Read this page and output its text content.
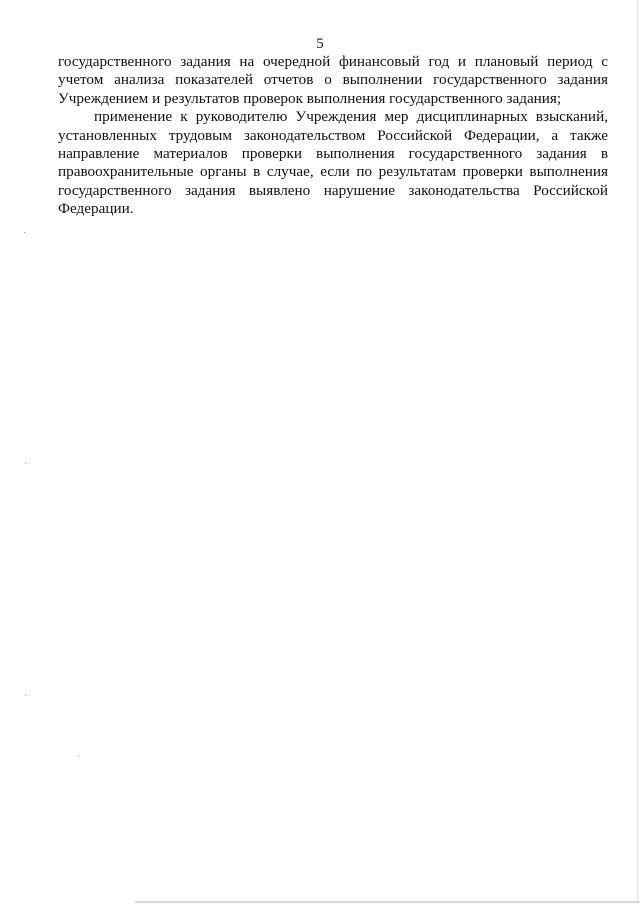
5
государственного задания на очередной финансовый год и плановый период с
учетом анализа показателей отчетов о выполнении государственного задания
Учреждением и результатов проверок выполнения государственного задания;
применение к руководителю Учреждения мер дисциплинарных взысканий,
установленных трудовым законодательством Российской Федерации, а также
направление материалов проверки выполнения государственного задания в
правоохранительные органы в случае, если по результатам проверки выполнения
государственного задания выявлено нарушение законодательства Российской
Федерации.
